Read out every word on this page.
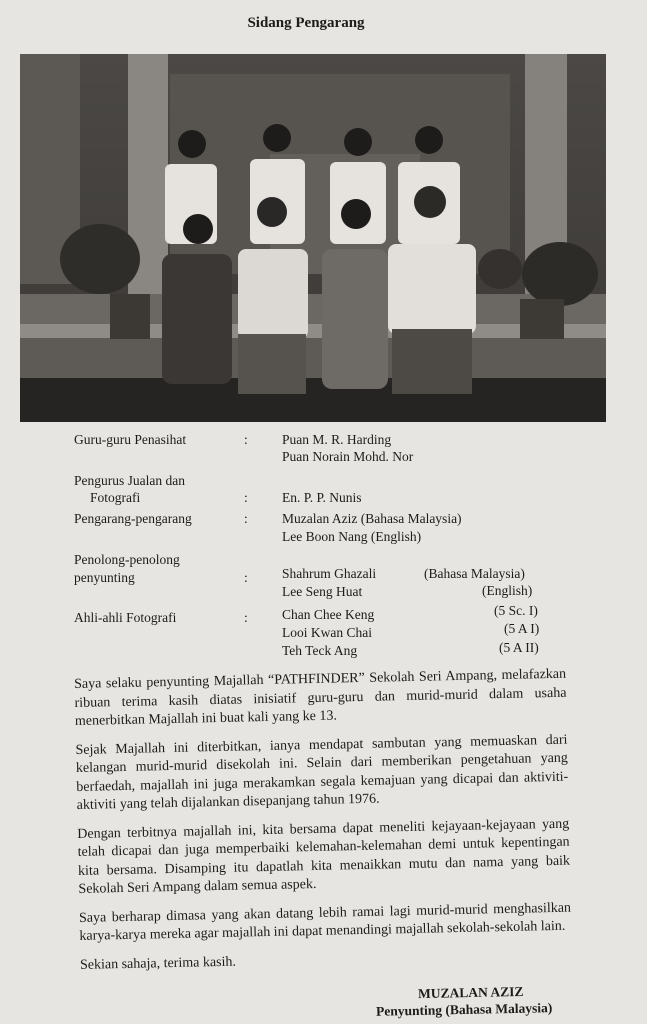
Sidang Pengarang
Guru-guru Penasihat	:	Puan M. R. Harding
Puan Norain Mohd. Nor
Pengurus Jualan dan
Fotografi	:	En. P. P. Nunis
Pengarang-pengarang	:	Muzalan Aziz (Bahasa Malaysia)
Lee Boon Nang (English)
Penolong-penolong
penyunting	:	Shahrum Ghazali	(Bahasa Malaysia)
Lee Seng Huat	(English)
Ahli-ahli Fotografi	:	Chan Chee Keng	(5 Sc. I)
Looi Kwan Chai	(5 A I)
Teh Teck Ang	(5 A II)

Saya selaku penyunting Majallah “PATHFINDER” Sekolah Seri Ampang, melafazkan ribuan terima kasih diatas inisiatif guru-guru dan murid-murid dalam usaha menerbitkan Majallah ini buat kali yang ke 13.

Sejak Majallah ini diterbitkan, ianya mendapat sambutan yang memuaskan dari kelangan murid-murid disekolah ini. Selain dari memberikan pengetahuan yang berfaedah, majallah ini juga merakamkan segala kemajuan yang dicapai dan aktiviti-aktiviti yang telah dijalankan disepanjang tahun 1976.

Dengan terbitnya majallah ini, kita bersama dapat meneliti kejayaan-kejayaan yang telah dicapai dan juga memperbaiki kelemahan-kelemahan demi untuk kepentingan kita bersama. Disamping itu dapatlah kita menaikkan mutu dan nama yang baik Sekolah Seri Ampang dalam semua aspek.

Saya berharap dimasa yang akan datang lebih ramai lagi murid-murid menghasilkan karya-karya mereka agar majallah ini dapat menandingi majallah sekolah-sekolah lain.

Sekian sahaja, terima kasih.

MUZALAN AZIZ
Penyunting (Bahasa Malaysia)
